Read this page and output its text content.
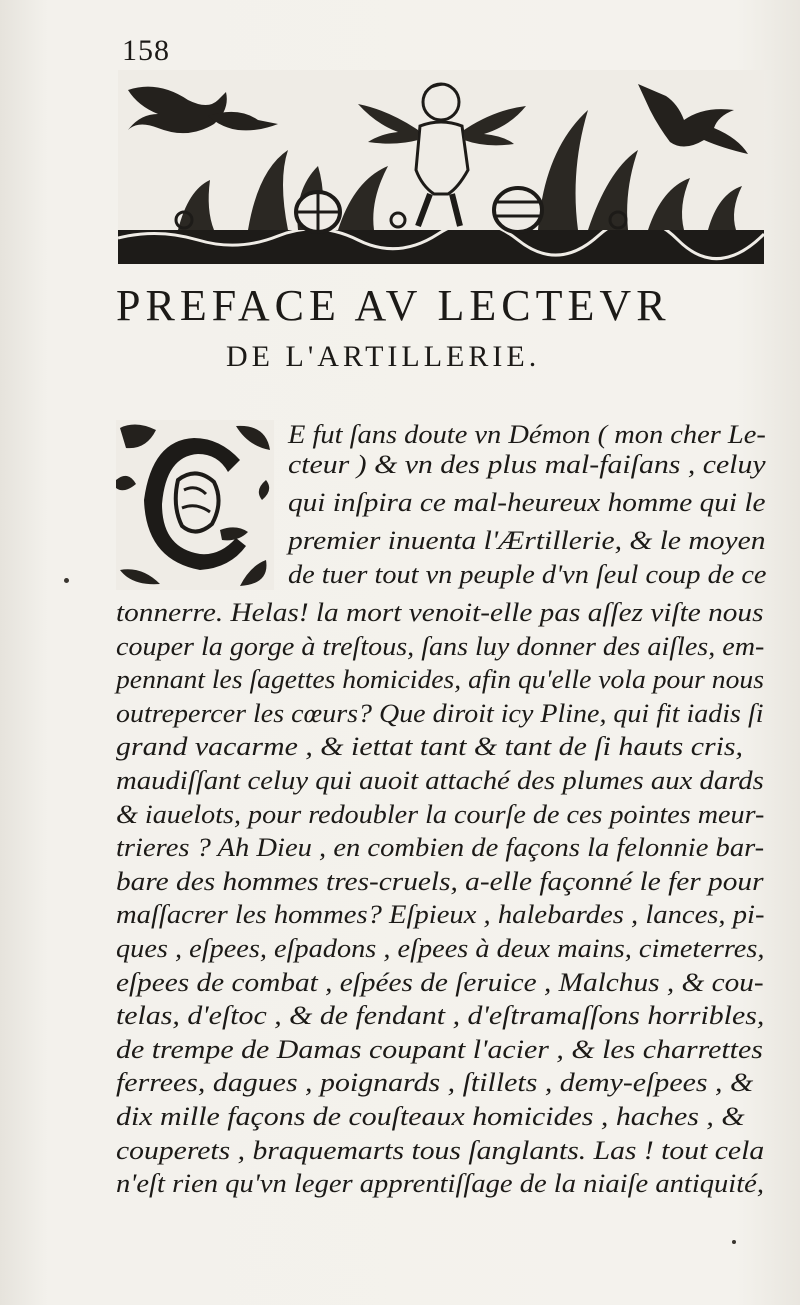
158
PREFACE AV LECTEVR
DE L'ARTILLERIE.
E fut ſans doute vn Démon ( mon cher Le-
cteur ) & vn des plus mal-faiſans , celuy
qui inſpira ce mal-heureux homme qui le
premier inuenta l'Ærtillerie, & le moyen
de tuer tout vn peuple d'vn ſeul coup de ce
tonnerre. Helas! la mort venoit-elle pas aſſez viſte nous
couper la gorge à treſtous, ſans luy donner des aiſles, em-
pennant les ſagettes homicides, afin qu'elle vola pour nous
outrepercer les cœurs? Que diroit icy Pline, qui fit iadis ſi
grand vacarme , & iettat tant & tant de ſi hauts cris,
maudiſſant celuy qui auoit attaché des plumes aux dards
& iauelots, pour redoubler la courſe de ces pointes meur-
trieres ? Ah Dieu , en combien de façons la felonnie bar-
bare des hommes tres-cruels, a-elle façonné le fer pour
maſſacrer les hommes? Eſpieux , halebardes , lances, pi-
ques , eſpees, eſpadons , eſpees à deux mains, cimeterres,
eſpees de combat , eſpées de ſeruice , Malchus , & cou-
telas, d'eſtoc , & de fendant , d'eſtramaſſons horribles,
de trempe de Damas coupant l'acier , & les charrettes
ferrees, dagues , poignards , ſtillets , demy-eſpees , &
dix mille façons de couſteaux homicides , haches , &
couperets , braquemarts tous ſanglants. Las ! tout cela
n'eſt rien qu'vn leger apprentiſſage de la niaiſe antiquité,
